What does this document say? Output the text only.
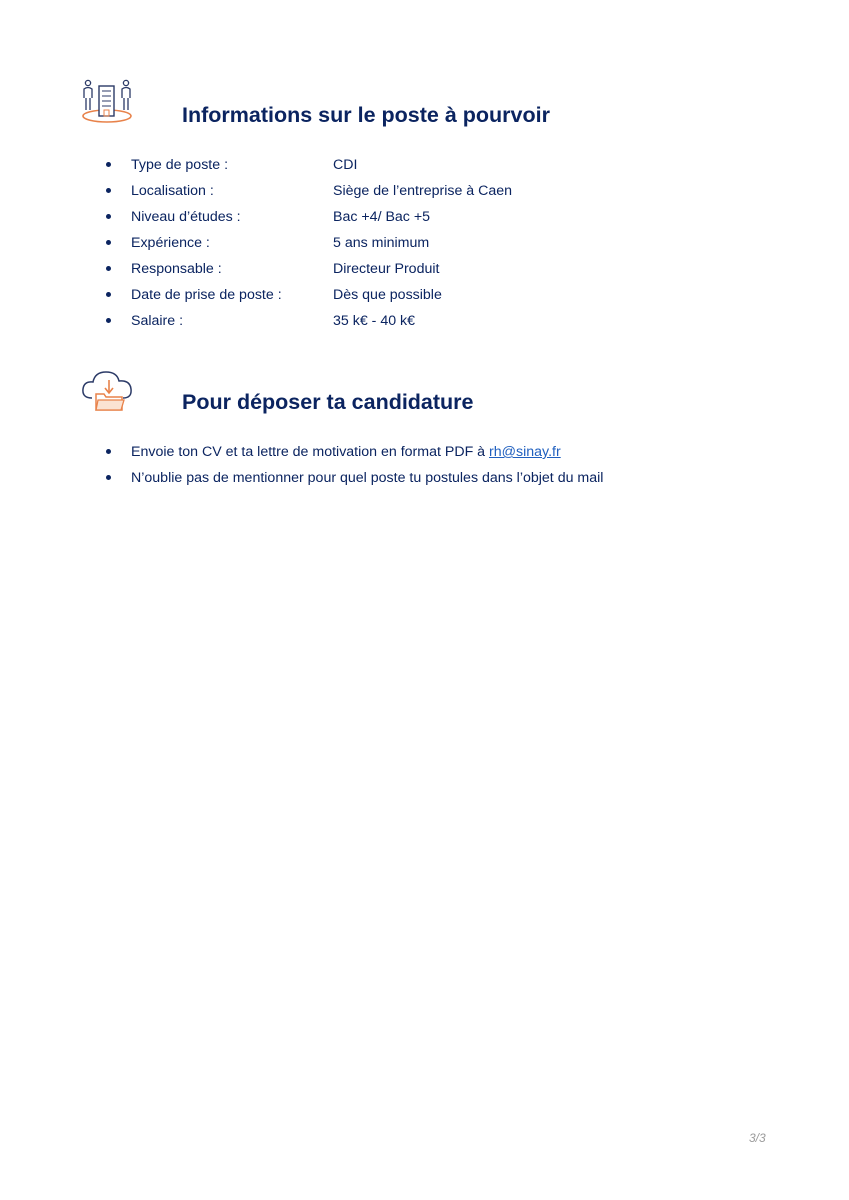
Informations sur le poste à pourvoir
Type de poste :	CDI
Localisation :	Siège de l’entreprise à Caen
Niveau d’études :	Bac +4/ Bac +5
Expérience :	5 ans minimum
Responsable :	Directeur Produit
Date de prise de poste :	Dès que possible
Salaire :	35 k€ - 40 k€
Pour déposer ta candidature
Envoie ton CV et ta lettre de motivation en format PDF à rh@sinay.fr
N’oublie pas de mentionner pour quel poste tu postules dans l’objet du mail
3/3
